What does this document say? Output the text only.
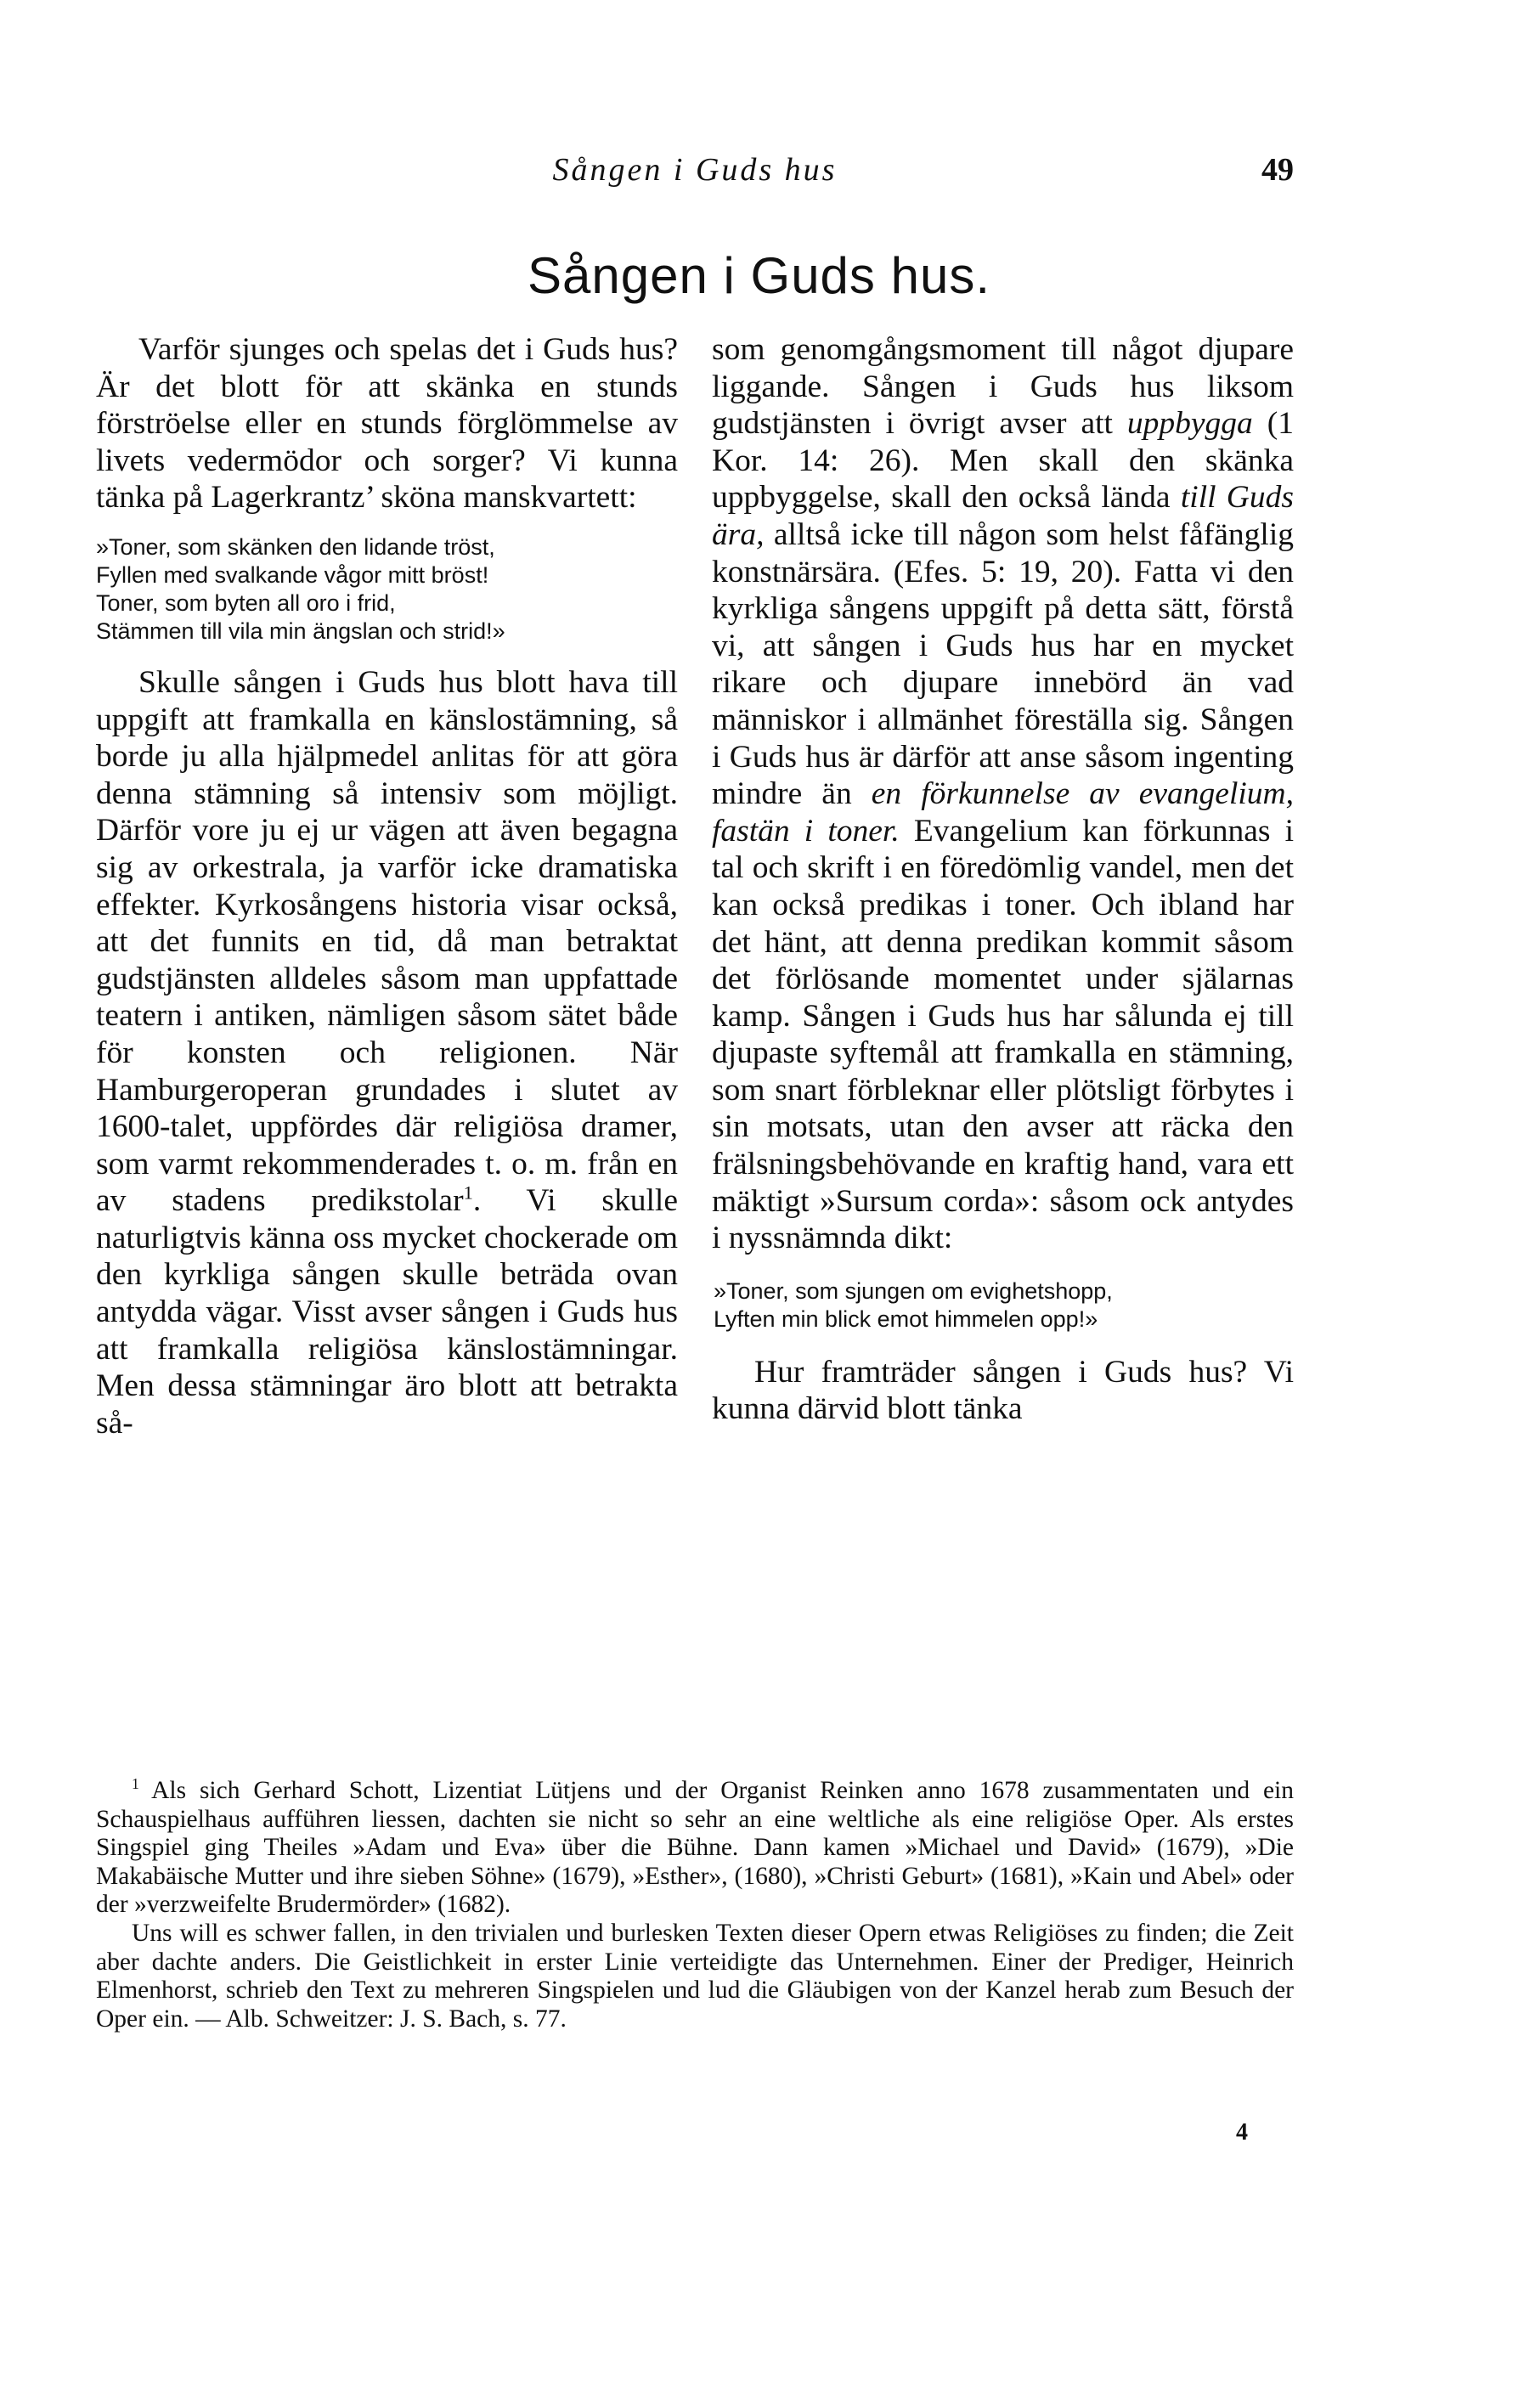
Sången i Guds hus	49
Sången i Guds hus.

Varför sjunges och spelas det i Guds hus? Är det blott för att skänka en stunds förströelse eller en stunds förglömmelse av livets vedermödor och sorger? Vi kunna tänka på Lagerkrantz’ sköna manskvartett:

»Toner, som skänken den lidande tröst,
Fyllen med svalkande vågor mitt bröst!
Toner, som byten all oro i frid,
Stämmen till vila min ängslan och strid!»

Skulle sången i Guds hus blott hava till uppgift att framkalla en känslostämning, så borde ju alla hjälpmedel anlitas för att göra denna stämning så intensiv som möjligt. Därför vore ju ej ur vägen att även begagna sig av orkestrala, ja varför icke dramatiska effekter. Kyrkosångens historia visar också, att det funnits en tid, då man betraktat gudstjänsten alldeles såsom man uppfattade teatern i antiken, nämligen såsom sätet både för konsten och religionen. När Hamburgeroperan grundades i slutet av 1600-talet, uppfördes där religiösa dramer, som varmt rekommenderades t. o. m. från en av stadens predikstolar$^1$. Vi skulle naturligtvis känna oss mycket chockerade om den kyrkliga sången skulle beträda ovan antydda vägar. Visst avser sången i Guds hus att framkalla religiösa känslostämningar. Men dessa stämningar äro blott att betrakta så-

som genomgångsmoment till något djupare liggande. Sången i Guds hus liksom gudstjänsten i övrigt avser att uppbygga (1 Kor. 14: 26). Men skall den skänka uppbyggelse, skall den också lända till Guds ära, alltså icke till någon som helst fåfänglig konstnärsära. (Efes. 5: 19, 20). Fatta vi den kyrkliga sångens uppgift på detta sätt, förstå vi, att sången i Guds hus har en mycket rikare och djupare innebörd än vad människor i allmänhet föreställa sig. Sången i Guds hus är därför att anse såsom ingenting mindre än en förkunnelse av evangelium, fastän i toner. Evangelium kan förkunnas i tal och skrift i en föredömlig vandel, men det kan också predikas i toner. Och ibland har det hänt, att denna predikan kommit såsom det förlösande momentet under själarnas kamp. Sången i Guds hus har sålunda ej till djupaste syftemål att framkalla en stämning, som snart förbleknar eller plötsligt förbytes i sin motsats, utan den avser att räcka den frälsningsbehövande en kraftig hand, vara ett mäktigt »Sursum corda»: såsom ock antydes i nyssnämnda dikt:

»Toner, som sjungen om evighetshopp,
Lyften min blick emot himmelen opp!»

Hur framträder sången i Guds hus? Vi kunna därvid blott tänka

$^1$ Als sich Gerhard Schott, Lizentiat Lütjens und der Organist Reinken anno 1678 zusammentaten und ein Schauspielhaus aufführen liessen, dachten sie nicht so sehr an eine weltliche als eine religiöse Oper. Als erstes Singspiel ging Theiles »Adam und Eva» über die Bühne. Dann kamen »Michael und David» (1679), »Die Makabäische Mutter und ihre sieben Söhne» (1679), »Esther», (1680), »Christi Geburt» (1681), »Kain und Abel» oder der »verzweifelte Brudermörder» (1682).

Uns will es schwer fallen, in den trivialen und burlesken Texten dieser Opern etwas Religiöses zu finden; die Zeit aber dachte anders. Die Geistlichkeit in erster Linie verteidigte das Unternehmen. Einer der Prediger, Heinrich Elmenhorst, schrieb den Text zu mehreren Singspielen und lud die Gläubigen von der Kanzel herab zum Besuch der Oper ein. — Alb. Schweitzer: J. S. Bach, s. 77.

4
